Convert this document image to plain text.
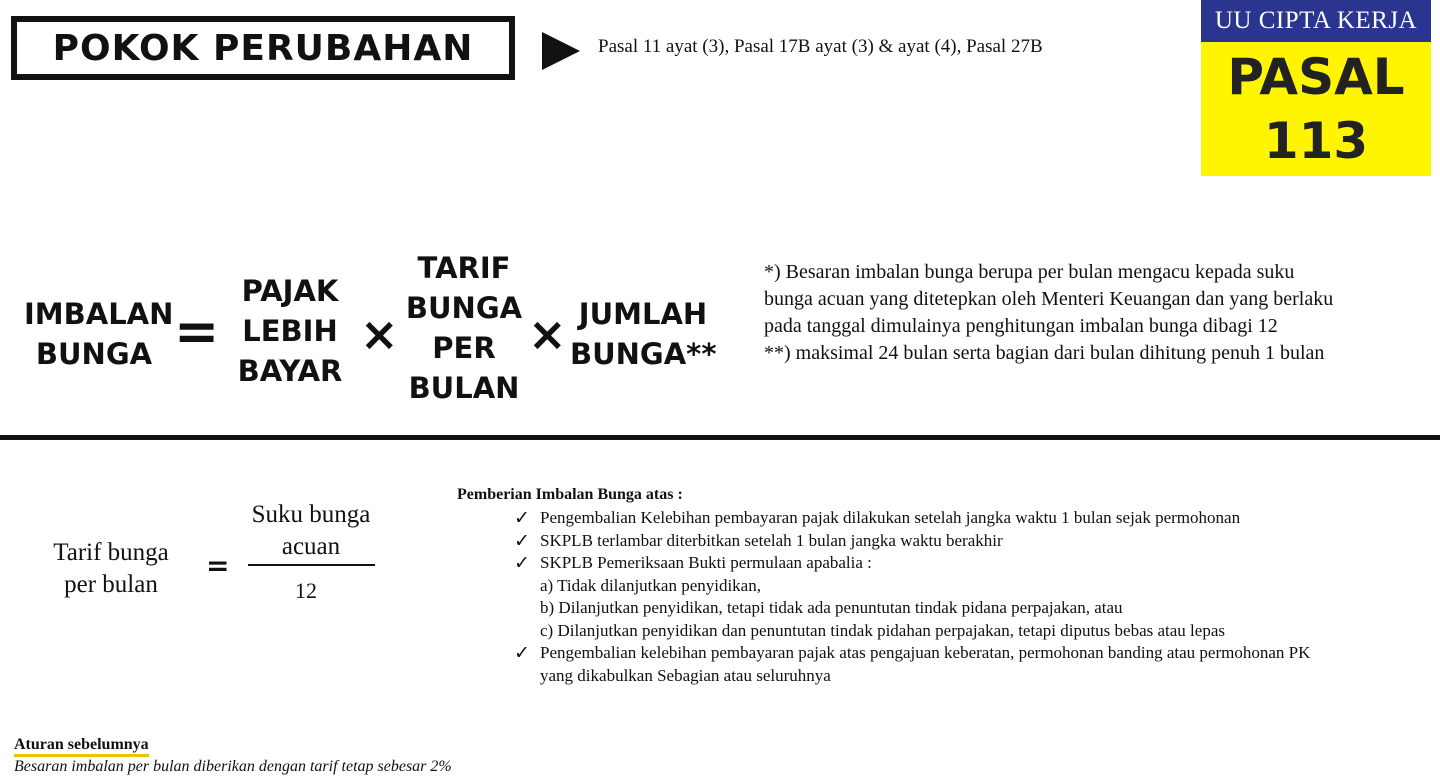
POKOK PERUBAHAN	Pasal 11 ayat (3), Pasal 17B ayat (3) & ayat (4), Pasal 27B
UU CIPTA KERJA
PASAL
113
IMBALAN
BUNGA =
PAJAK
LEBIH
BAYAR
×
TARIF
BUNGA
PER
BULAN
× JUMLAH
BUNGA**
*) Besaran imbalan bunga berupa per bulan mengacu kepada suku
bunga acuan yang ditetepkan oleh Menteri Keuangan dan yang berlaku
pada tanggal dimulainya penghitungan imbalan bunga dibagi 12
**) maksimal 24 bulan serta bagian dari bulan dihitung penuh 1 bulan
Tarif bunga
per bulan
=
Suku bunga
acuan
12
Pemberian Imbalan Bunga atas :
✓ Pengembalian Kelebihan pembayaran pajak dilakukan setelah jangka waktu 1 bulan sejak permohonan
✓ SKPLB terlambar diterbitkan setelah 1 bulan jangka waktu berakhir
✓ SKPLB Pemeriksaan Bukti permulaan apabalia :
a) Tidak dilanjutkan penyidikan,
b) Dilanjutkan penyidikan, tetapi tidak ada penuntutan tindak pidana perpajakan, atau
c) Dilanjutkan penyidikan dan penuntutan tindak pidahan perpajakan, tetapi diputus bebas atau lepas
✓ Pengembalian kelebihan pembayaran pajak atas pengajuan keberatan, permohonan banding atau permohonan PK
yang dikabulkan Sebagian atau seluruhnya
Aturan sebelumnya
Besaran imbalan per bulan diberikan dengan tarif tetap sebesar 2%
